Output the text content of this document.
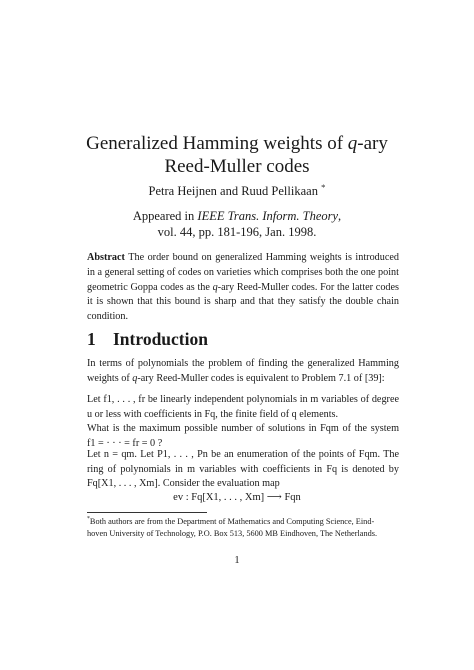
Generalized Hamming weights of q-ary
Reed-Muller codes
Petra Heijnen and Ruud Pellikaan *
Appeared in IEEE Trans. Inform. Theory,
vol. 44, pp. 181-196, Jan. 1998.
Abstract The order bound on generalized Hamming weights is introduced
in a general setting of codes on varieties which comprises both the one point
geometric Goppa codes as the q-ary Reed-Muller codes. For the latter codes
it is shown that this bound is sharp and that they satisfy the double chain
condition.
1 Introduction
In terms of polynomials the problem of finding the generalized Hamming
weights of q-ary Reed-Muller codes is equivalent to Problem 7.1 of [39]:
Let f1, . . . , fr be linearly independent polynomials in m variables of degree
u or less with coefficients in Fq, the finite field of q elements.
What is the maximum possible number of solutions in Fqm of the system
f1 = · · · = fr = 0 ?
Let n = qm. Let P1, . . . , Pn be an enumeration of the points of Fqm. The
ring of polynomials in m variables with coefficients in Fq is denoted by
Fq[X1, . . . , Xm]. Consider the evaluation map
ev : Fq[X1, . . . , Xm] ⟶ Fqn
*Both authors are from the Department of Mathematics and Computing Science, Eind-
hoven University of Technology, P.O. Box 513, 5600 MB Eindhoven, The Netherlands.
1
